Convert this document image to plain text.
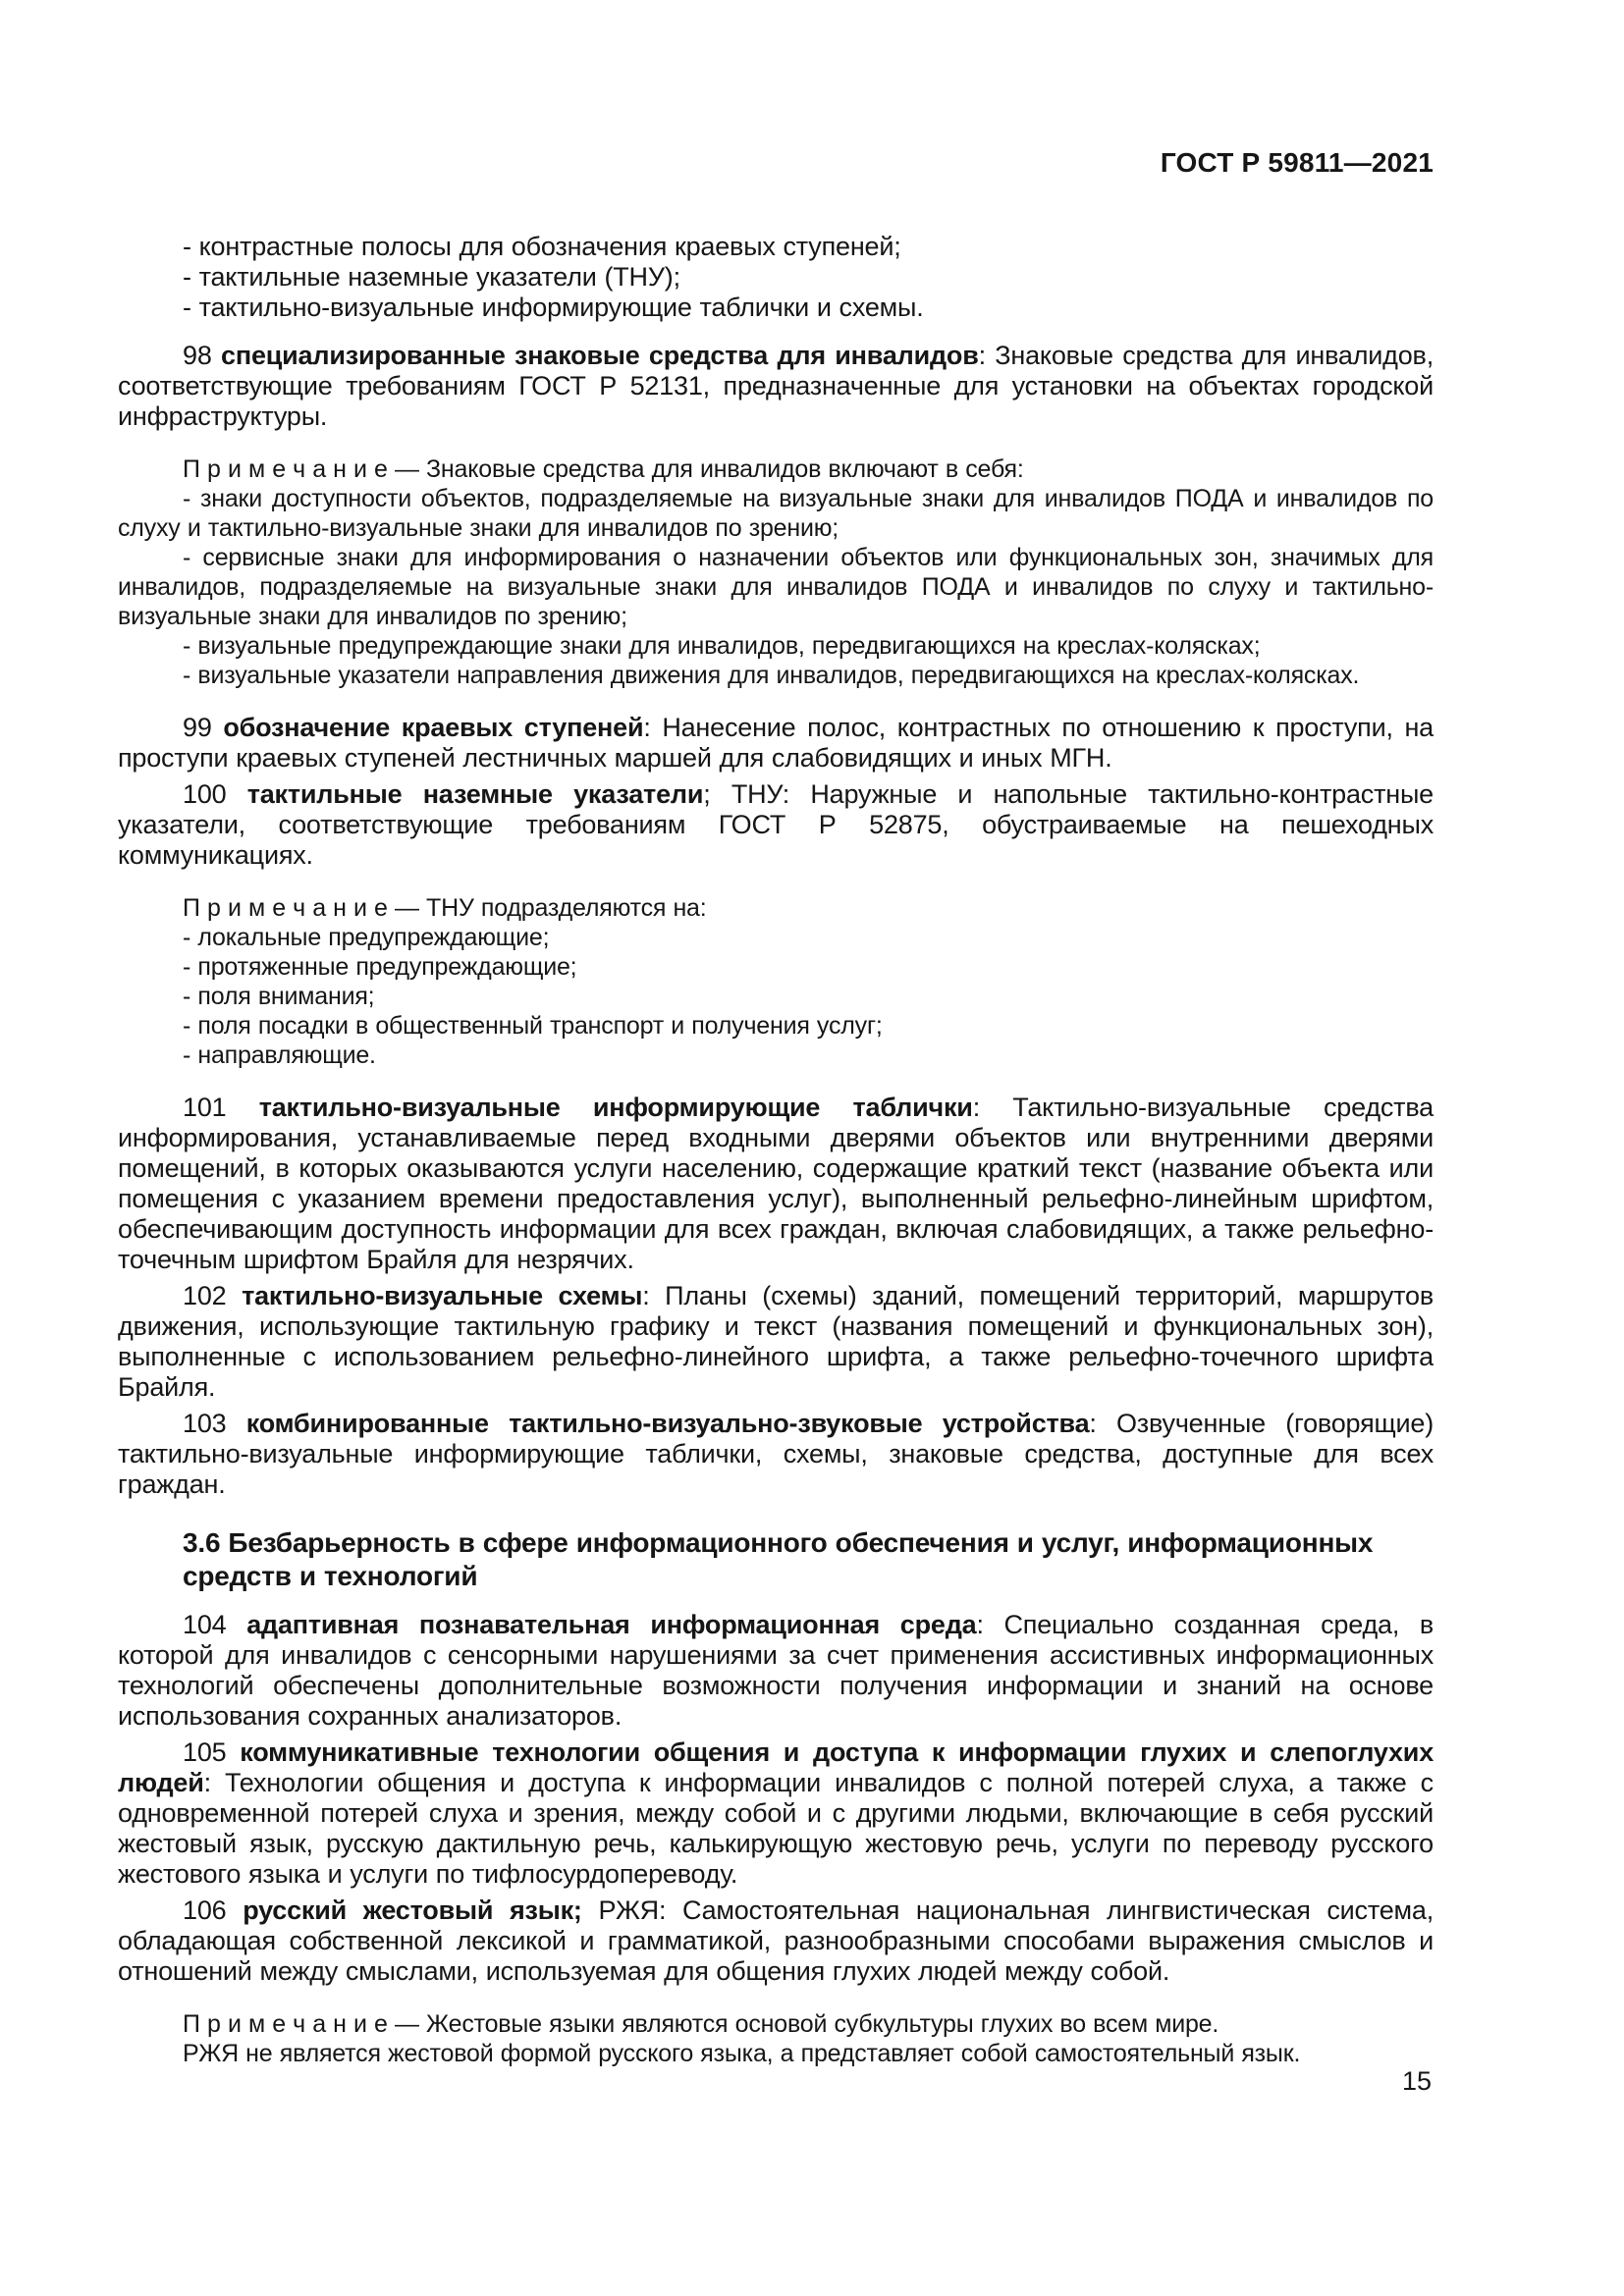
ГОСТ Р 59811—2021

- контрастные полосы для обозначения краевых ступеней;

- тактильные наземные указатели (ТНУ);

- тактильно-визуальные информирующие таблички и схемы.

98 специализированные знаковые средства для инвалидов: Знаковые средства для инвалидов, соответствующие требованиям ГОСТ Р 52131, предназначенные для установки на объектах городской инфраструктуры.

П р и м е ч а н и е — Знаковые средства для инвалидов включают в себя:

- знаки доступности объектов, подразделяемые на визуальные знаки для инвалидов ПОДА и инвалидов по слуху и тактильно-визуальные знаки для инвалидов по зрению;

- сервисные знаки для информирования о назначении объектов или функциональных зон, значимых для инвалидов, подразделяемые на визуальные знаки для инвалидов ПОДА и инвалидов по слуху и тактильно-визуальные знаки для инвалидов по зрению;

- визуальные предупреждающие знаки для инвалидов, передвигающихся на креслах-колясках;

- визуальные указатели направления движения для инвалидов, передвигающихся на креслах-колясках.

99 обозначение краевых ступеней: Нанесение полос, контрастных по отношению к проступи, на проступи краевых ступеней лестничных маршей для слабовидящих и иных МГН.

100 тактильные наземные указатели; ТНУ: Наружные и напольные тактильно-контрастные указатели, соответствующие требованиям ГОСТ Р 52875, обустраиваемые на пешеходных коммуникациях.

П р и м е ч а н и е — ТНУ подразделяются на:

- локальные предупреждающие;

- протяженные предупреждающие;

- поля внимания;

- поля посадки в общественный транспорт и получения услуг;

- направляющие.

101 тактильно-визуальные информирующие таблички: Тактильно-визуальные средства информирования, устанавливаемые перед входными дверями объектов или внутренними дверями помещений, в которых оказываются услуги населению, содержащие краткий текст (название объекта или помещения с указанием времени предоставления услуг), выполненный рельефно-линейным шрифтом, обеспечивающим доступность информации для всех граждан, включая слабовидящих, а также рельефно-точечным шрифтом Брайля для незрячих.

102 тактильно-визуальные схемы: Планы (схемы) зданий, помещений территорий, маршрутов движения, использующие тактильную графику и текст (названия помещений и функциональных зон), выполненные с использованием рельефно-линейного шрифта, а также рельефно-точечного шрифта Брайля.

103 комбинированные тактильно-визуально-звуковые устройства: Озвученные (говорящие) тактильно-визуальные информирующие таблички, схемы, знаковые средства, доступные для всех граждан.

3.6 Безбарьерность в сфере информационного обеспечения и услуг, информационных средств и технологий

104 адаптивная познавательная информационная среда: Специально созданная среда, в которой для инвалидов с сенсорными нарушениями за счет применения ассистивных информационных технологий обеспечены дополнительные возможности получения информации и знаний на основе использования сохранных анализаторов.

105 коммуникативные технологии общения и доступа к информации глухих и слепоглухих людей: Технологии общения и доступа к информации инвалидов с полной потерей слуха, а также с одновременной потерей слуха и зрения, между собой и с другими людьми, включающие в себя русский жестовый язык, русскую дактильную речь, калькирующую жестовую речь, услуги по переводу русского жестового языка и услуги по тифлосурдопереводу.

106 русский жестовый язык; РЖЯ: Самостоятельная национальная лингвистическая система, обладающая собственной лексикой и грамматикой, разнообразными способами выражения смыслов и отношений между смыслами, используемая для общения глухих людей между собой.

П р и м е ч а н и е — Жестовые языки являются основой субкультуры глухих во всем мире.

РЖЯ не является жестовой формой русского языка, а представляет собой самостоятельный язык.

15
